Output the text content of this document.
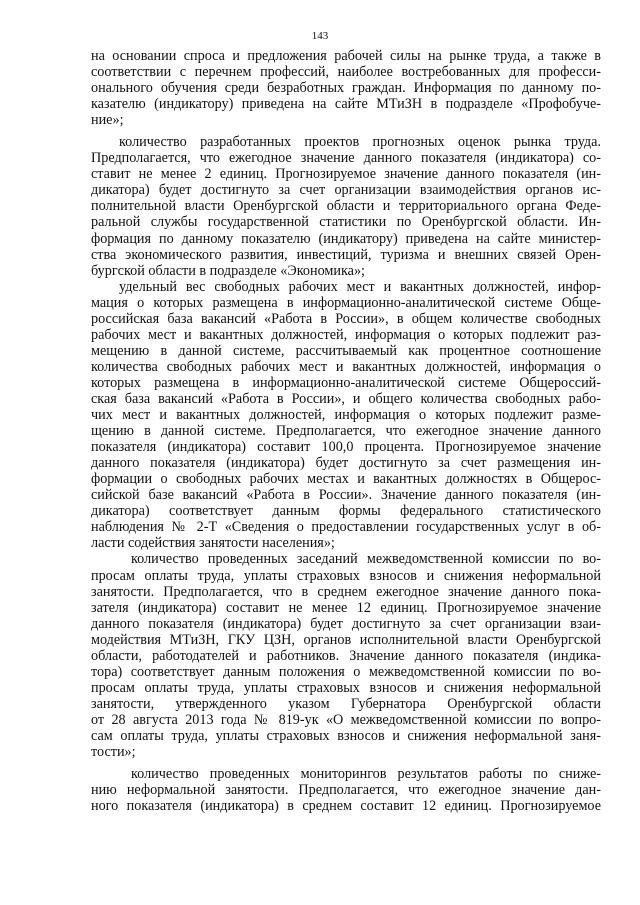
143
на основании спроса и предложения рабочей силы на рынке труда, а также в
соответствии с перечнем профессий, наиболее востребованных для професси-
онального обучения среди безработных граждан. Информация по данному по-
казателю (индикатору) приведена на сайте МТиЗН в подразделе «Профобуче-
ние»;
количество разработанных проектов прогнозных оценок рынка труда.
Предполагается, что ежегодное значение данного показателя (индикатора) со-
ставит не менее 2 единиц. Прогнозируемое значение данного показателя (ин-
дикатора) будет достигнуто за счет организации взаимодействия органов ис-
полнительной власти Оренбургской области и территориального органа Феде-
ральной службы государственной статистики по Оренбургской области. Ин-
формация по данному показателю (индикатору) приведена на сайте министер-
ства экономического развития, инвестиций, туризма и внешних связей Орен-
бургской области в подразделе «Экономика»;
удельный вес свободных рабочих мест и вакантных должностей, инфор-
мация о которых размещена в информационно-аналитической системе Обще-
российская база вакансий «Работа в России», в общем количестве свободных
рабочих мест и вакантных должностей, информация о которых подлежит раз-
мещению в данной системе, рассчитываемый как процентное соотношение
количества свободных рабочих мест и вакантных должностей, информация о
которых размещена в информационно-аналитической системе Общероссий-
ская база вакансий «Работа в России», и общего количества свободных рабо-
чих мест и вакантных должностей, информация о которых подлежит разме-
щению в данной системе. Предполагается, что ежегодное значение данного
показателя (индикатора) составит 100,0 процента. Прогнозируемое значение
данного показателя (индикатора) будет достигнуто за счет размещения ин-
формации о свободных рабочих местах и вакантных должностях в Общерос-
сийской базе вакансий «Работа в России». Значение данного показателя (ин-
дикатора) соответствует данным формы федерального статистического
наблюдения № 2-Т «Сведения о предоставлении государственных услуг в об-
ласти содействия занятости населения»;
количество проведенных заседаний межведомственной комиссии по во-
просам оплаты труда, уплаты страховых взносов и снижения неформальной
занятости. Предполагается, что в среднем ежегодное значение данного пока-
зателя (индикатора) составит не менее 12 единиц. Прогнозируемое значение
данного показателя (индикатора) будет достигнуто за счет организации взаи-
модействия МТиЗН, ГКУ ЦЗН, органов исполнительной власти Оренбургской
области, работодателей и работников. Значение данного показателя (индика-
тора) соответствует данным положения о межведомственной комиссии по во-
просам оплаты труда, уплаты страховых взносов и снижения неформальной
занятости, утвержденного указом Губернатора Оренбургской области
от 28 августа 2013 года № 819-ук «О межведомственной комиссии по вопро-
сам оплаты труда, уплаты страховых взносов и снижения неформальной заня-
тости»;
количество проведенных мониторингов результатов работы по сниже-
нию неформальной занятости. Предполагается, что ежегодное значение дан-
ного показателя (индикатора) в среднем составит 12 единиц. Прогнозируемое
